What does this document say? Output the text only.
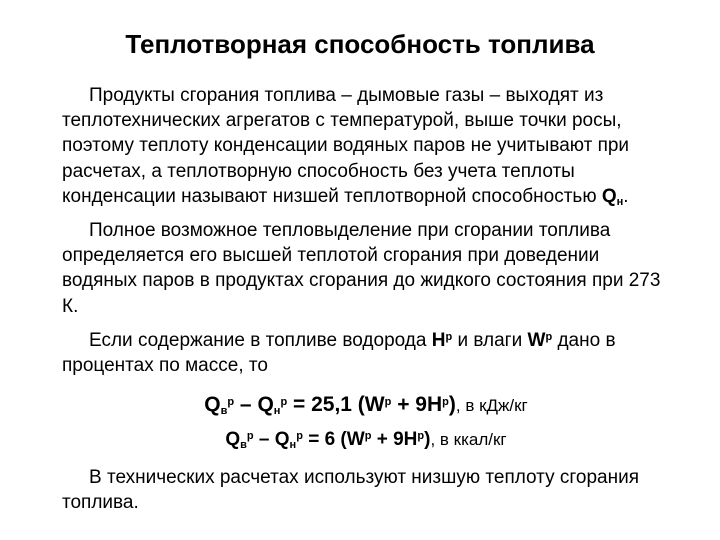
Теплотворная способность топлива

Продукты сгорания топлива – дымовые газы – выходят из теплотехнических агрегатов с температурой, выше точки росы, поэтому теплоту конденсации водяных паров не учитывают при расчетах, а теплотворную способность без учета теплоты конденсации называют низшей теплотворной способностью $Q_н$.

Полное возможное тепловыделение при сгорании топлива определяется его высшей теплотой сгорания при доведении водяных паров в продуктах сгорания до жидкого состояния при 273 К.

Если содержание в топливе водорода $H^р$ и влаги $W^р$ дано в процентах по массе, то

$Q_в^р - Q_н^р = 25,1$ $(W^р + 9H^р)$, в кДж/кг

$Q_в^р - Q_н^р = 6$ $(W^р + 9H^р)$, в ккал/кг

В технических расчетах используют низшую теплоту сгорания топлива.
